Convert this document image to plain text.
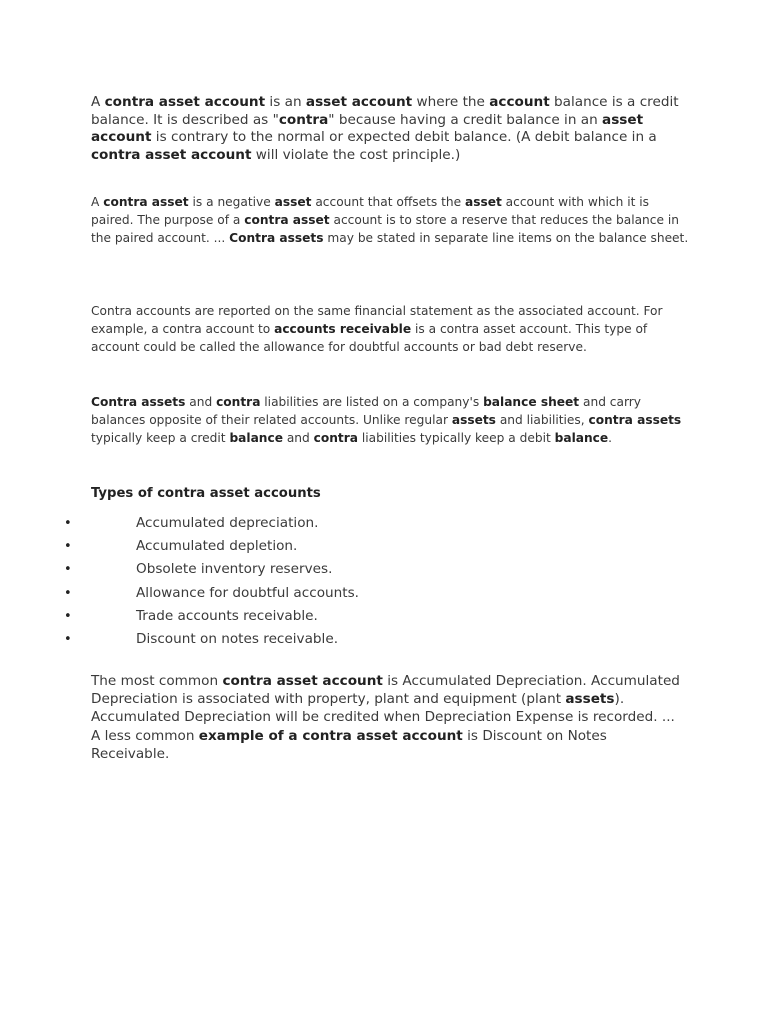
A contra asset account is an asset account where the account balance is a credit balance. It is described as "contra" because having a credit balance in an asset account is contrary to the normal or expected debit balance. (A debit balance in a contra asset account will violate the cost principle.)

A contra asset is a negative asset account that offsets the asset account with which it is paired. The purpose of a contra asset account is to store a reserve that reduces the balance in the paired account. ... Contra assets may be stated in separate line items on the balance sheet.

Contra accounts are reported on the same financial statement as the associated account. For example, a contra account to accounts receivable is a contra asset account. This type of account could be called the allowance for doubtful accounts or bad debt reserve.

Contra assets and contra liabilities are listed on a company's balance sheet and carry balances opposite of their related accounts. Unlike regular assets and liabilities, contra assets typically keep a credit balance and contra liabilities typically keep a debit balance.

Types of contra asset accounts
•	Accumulated depreciation.
•	Accumulated depletion.
•	Obsolete inventory reserves.
•	Allowance for doubtful accounts.
•	Trade accounts receivable.
•	Discount on notes receivable.

The most common contra asset account is Accumulated Depreciation. Accumulated Depreciation is associated with property, plant and equipment (plant assets). Accumulated Depreciation will be credited when Depreciation Expense is recorded. ... A less common example of a contra asset account is Discount on Notes Receivable.
